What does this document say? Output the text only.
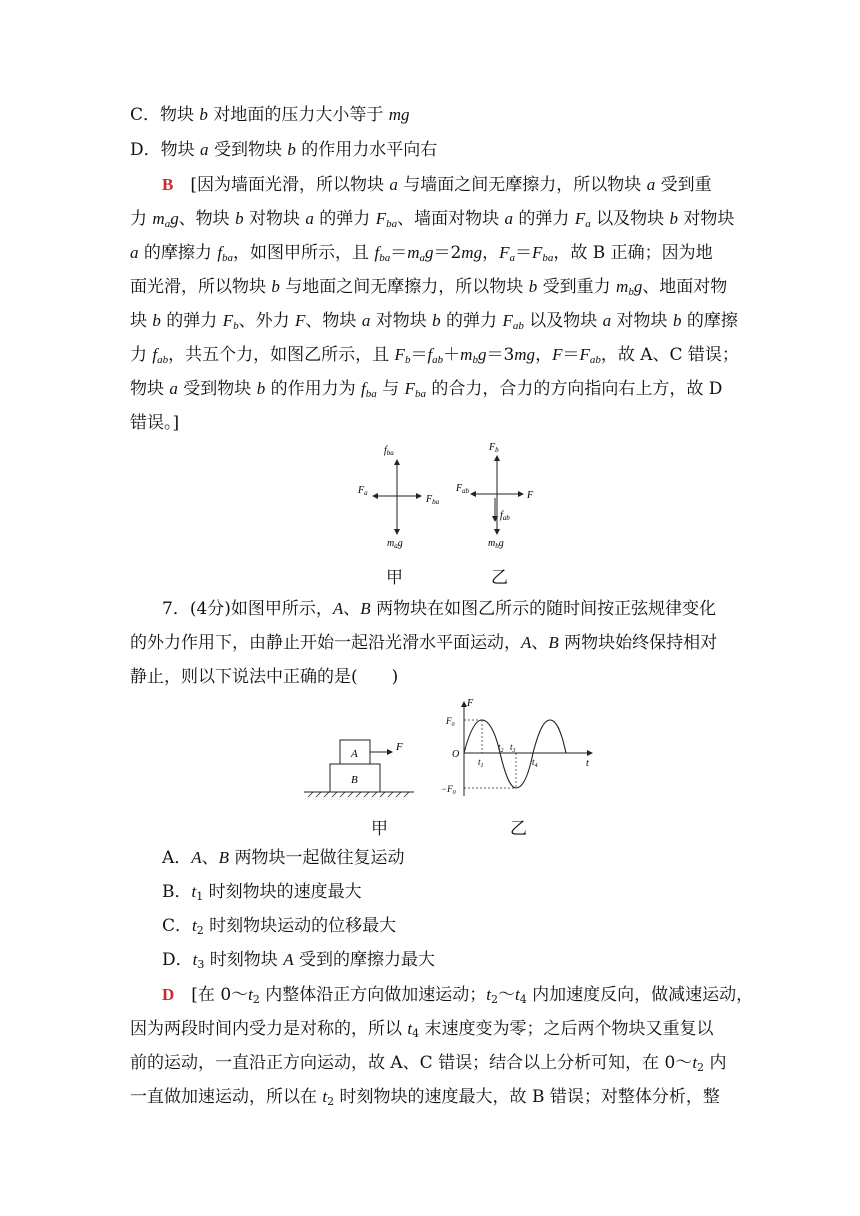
C．物块 b 对地面的压力大小等于 mg
D．物块 a 受到物块 b 的作用力水平向右
B　[因为墙面光滑，所以物块 a 与墙面之间无摩擦力，所以物块 a 受到重
力 $m_ag$、物块 b 对物块 a 的弹力 $F_{ba}$、墙面对物块 a 的弹力 $F_a$ 以及物块 b 对物块
a 的摩擦力 $f_{ba}$，如图甲所示，且 $f_{ba}=m_ag=2mg$，$F_a=F_{ba}$，故 B 正确；因为地
面光滑，所以物块 b 与地面之间无摩擦力，所以物块 b 受到重力 $m_bg$、地面对物
块 b 的弹力 $F_b$、外力 F、物块 a 对物块 b 的弹力 $F_{ab}$ 以及物块 a 对物块 b 的摩擦
力 $f_{ab}$，共五个力，如图乙所示，且 $F_b=f_{ab}+m_bg=3mg$，$F=F_{ab}$，故 A、C 错误；
物块 a 受到物块 b 的作用力为 $f_{ba}$ 与 $F_{ba}$ 的合力，合力的方向指向右上方，故 D
错误。]
$f_{ba}$
$F_a$
$F_{ba}$
$m_ag$
$F_b$
$F_{ab}$	F
$f_{ab}$
$m_bg$
甲	乙
7．(4分)如图甲所示，A、B 两物块在如图乙所示的随时间按正弦规律变化
的外力作用下，由静止开始一起沿光滑水平面运动，A、B 两物块始终保持相对
静止，则以下说法中正确的是(　　)
A
B
F
F
t
O
$F_0$
$-F_0$
$t_1$
$t_2$ $t_3$
$t_4$
甲	乙
A．A、B 两物块一起做往复运动
B．$t_1$ 时刻物块的速度最大
C．$t_2$ 时刻物块运动的位移最大
D．$t_3$ 时刻物块 A 受到的摩擦力最大
D　[在 $0\sim t_2$ 内整体沿正方向做加速运动；$t_2\sim t_4$ 内加速度反向，做减速运动，
因为两段时间内受力是对称的，所以 $t_4$ 末速度变为零；之后两个物块又重复以
前的运动，一直沿正方向运动，故 A、C 错误；结合以上分析可知，在 $0\sim t_2$ 内
一直做加速运动，所以在 $t_2$ 时刻物块的速度最大，故 B 错误；对整体分析，整
